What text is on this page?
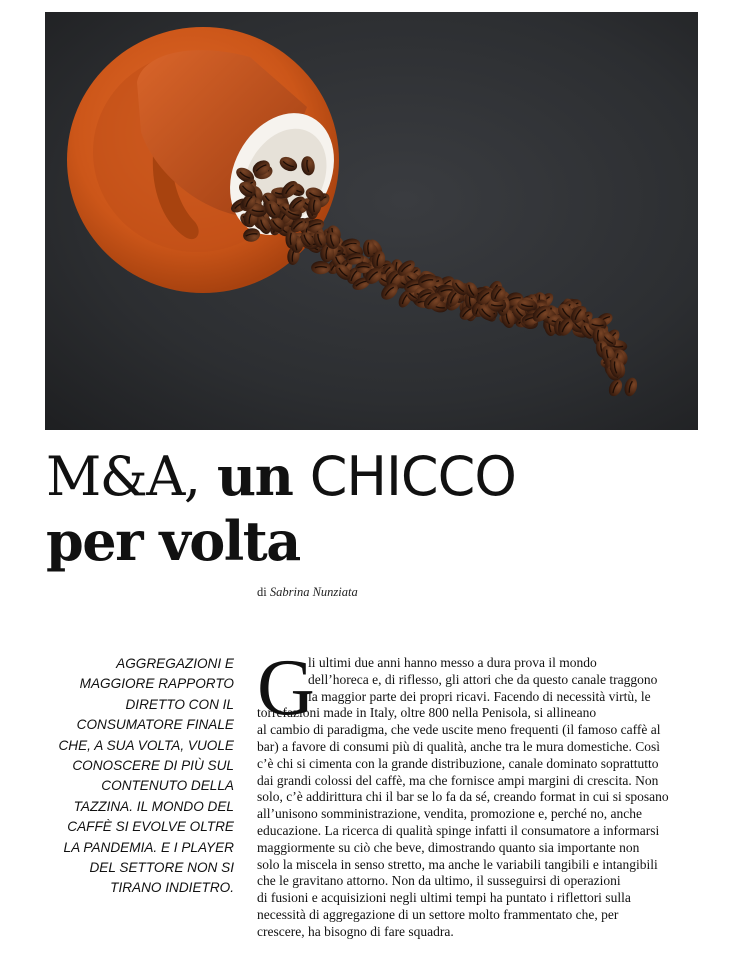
M&A, un CHICCO
per volta
di Sabrina Nunziata
AGGREGAZIONI E
MAGGIORE RAPPORTO
DIRETTO CON IL
CONSUMATORE FINALE
CHE, A SUA VOLTA, VUOLE
CONOSCERE DI PIÙ SUL
CONTENUTO DELLA
TAZZINA. IL MONDO DEL
CAFFÈ SI EVOLVE OLTRE
LA PANDEMIA. E I PLAYER
DEL SETTORE NON SI
TIRANO INDIETRO.
G
li ultimi due anni hanno messo a dura prova il mondo
dell’horeca e, di riflesso, gli attori che da questo canale traggono
la maggior parte dei propri ricavi. Facendo di necessità virtù, le
torrefazioni made in Italy, oltre 800 nella Penisola, si allineano
al cambio di paradigma, che vede uscite meno frequenti (il famoso caffè al
bar) a favore di consumi più di qualità, anche tra le mura domestiche. Così
c’è chi si cimenta con la grande distribuzione, canale dominato soprattutto
dai grandi colossi del caffè, ma che fornisce ampi margini di crescita. Non
solo, c’è addirittura chi il bar se lo fa da sé, creando format in cui si sposano
all’unisono somministrazione, vendita, promozione e, perché no, anche
educazione. La ricerca di qualità spinge infatti il consumatore a informarsi
maggiormente su ciò che beve, dimostrando quanto sia importante non
solo la miscela in senso stretto, ma anche le variabili tangibili e intangibili
che le gravitano attorno. Non da ultimo, il susseguirsi di operazioni
di fusioni e acquisizioni negli ultimi tempi ha puntato i riflettori sulla
necessità di aggregazione di un settore molto frammentato che, per
crescere, ha bisogno di fare squadra.
